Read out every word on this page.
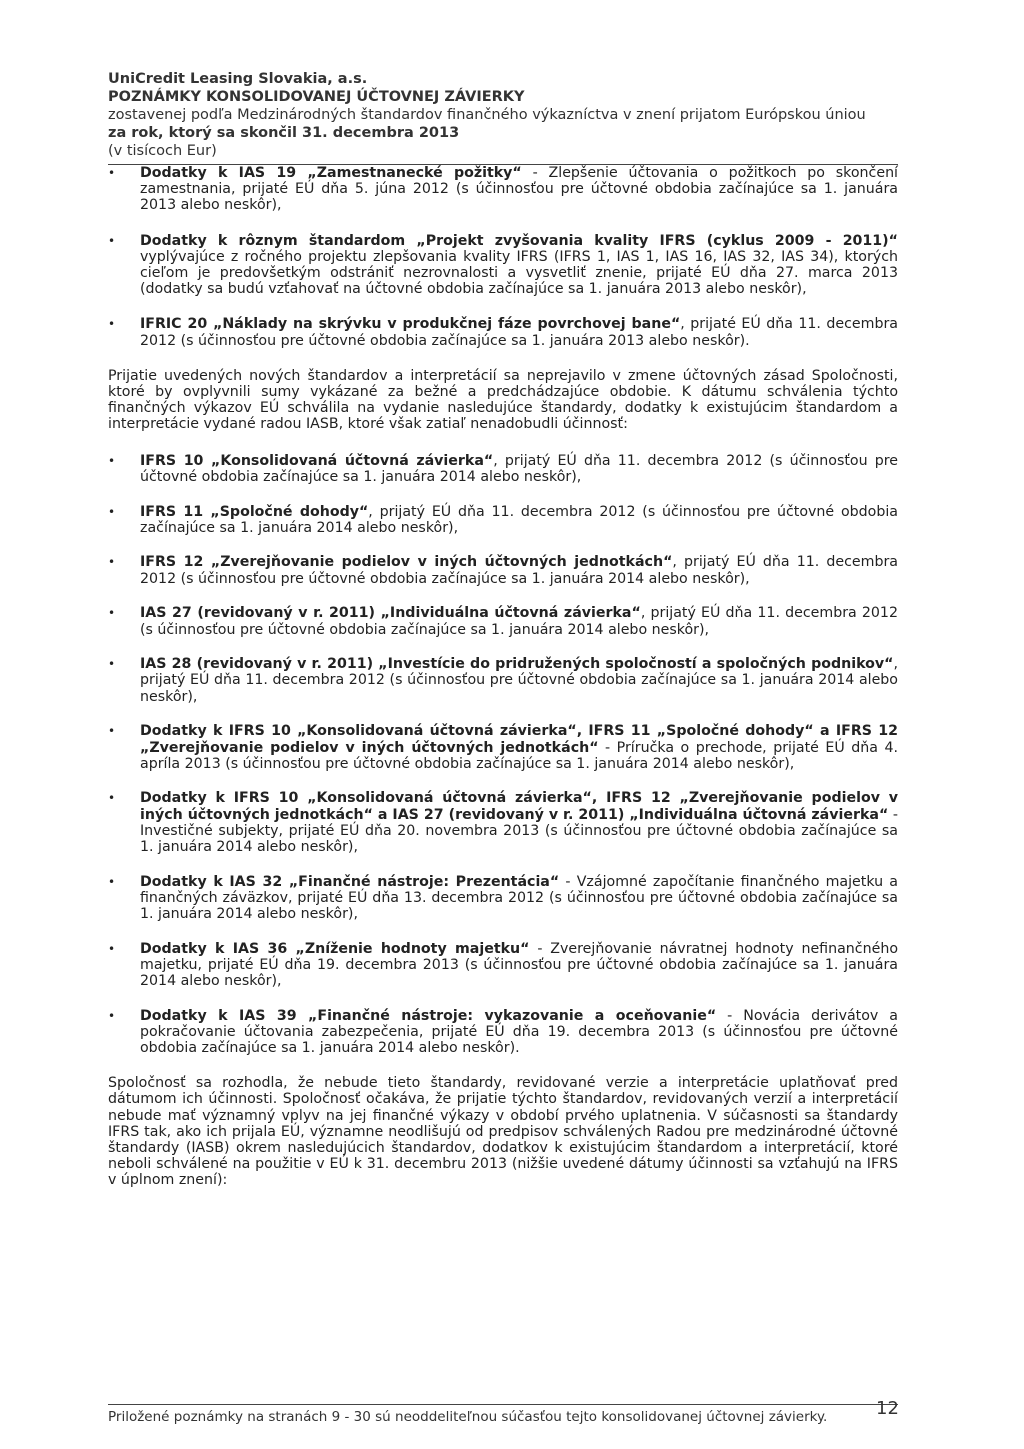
UniCredit Leasing Slovakia, a.s.
POZNÁMKY KONSOLIDOVANEJ ÚČTOVNEJ ZÁVIERKY
zostavenej podľa Medzinárodných štandardov finančného výkazníctva v znení prijatom Európskou úniou
za rok, ktorý sa skončil 31. decembra 2013
(v tisícoch Eur)
• Dodatky k IAS 19 „Zamestnanecké požitky“ - Zlepšenie účtovania o požitkoch po skončení zamestnania, prijaté EÚ dňa 5. júna 2012 (s účinnosťou pre účtovné obdobia začínajúce sa 1. januára 2013 alebo neskôr),
• Dodatky k rôznym štandardom „Projekt zvyšovania kvality IFRS (cyklus 2009 - 2011)“ vyplývajúce z ročného projektu zlepšovania kvality IFRS (IFRS 1, IAS 1, IAS 16, IAS 32, IAS 34), ktorých cieľom je predovšetkým odstrániť nezrovnalosti a vysvetliť znenie, prijaté EÚ dňa 27. marca 2013 (dodatky sa budú vzťahovať na účtovné obdobia začínajúce sa 1. januára 2013 alebo neskôr),
• IFRIC 20 „Náklady na skrývku v produkčnej fáze povrchovej bane“, prijaté EÚ dňa 11. decembra 2012 (s účinnosťou pre účtovné obdobia začínajúce sa 1. januára 2013 alebo neskôr).

Prijatie uvedených nových štandardov a interpretácií sa neprejavilo v zmene účtovných zásad Spoločnosti, ktoré by ovplyvnili sumy vykázané za bežné a predchádzajúce obdobie. K dátumu schválenia týchto finančných výkazov EÚ schválila na vydanie nasledujúce štandardy, dodatky k existujúcim štandardom a interpretácie vydané radou IASB, ktoré však zatiaľ nenadobudli účinnosť:

• IFRS 10 „Konsolidovaná účtovná závierka“, prijatý EÚ dňa 11. decembra 2012 (s účinnosťou pre účtovné obdobia začínajúce sa 1. januára 2014 alebo neskôr),
• IFRS 11 „Spoločné dohody“, prijatý EÚ dňa 11. decembra 2012 (s účinnosťou pre účtovné obdobia začínajúce sa 1. januára 2014 alebo neskôr),
• IFRS 12 „Zverejňovanie podielov v iných účtovných jednotkách“, prijatý EÚ dňa 11. decembra 2012 (s účinnosťou pre účtovné obdobia začínajúce sa 1. januára 2014 alebo neskôr),
• IAS 27 (revidovaný v r. 2011) „Individuálna účtovná závierka“, prijatý EÚ dňa 11. decembra 2012 (s účinnosťou pre účtovné obdobia začínajúce sa 1. januára 2014 alebo neskôr),
• IAS 28 (revidovaný v r. 2011) „Investície do pridružených spoločností a spoločných podnikov“, prijatý EÚ dňa 11. decembra 2012 (s účinnosťou pre účtovné obdobia začínajúce sa 1. januára 2014 alebo neskôr),
• Dodatky k IFRS 10 „Konsolidovaná účtovná závierka“, IFRS 11 „Spoločné dohody“ a IFRS 12 „Zverejňovanie podielov v iných účtovných jednotkách“ - Príručka o prechode, prijaté EÚ dňa 4. apríla 2013 (s účinnosťou pre účtovné obdobia začínajúce sa 1. januára 2014 alebo neskôr),
• Dodatky k IFRS 10 „Konsolidovaná účtovná závierka“, IFRS 12 „Zverejňovanie podielov v iných účtovných jednotkách“ a IAS 27 (revidovaný v r. 2011) „Individuálna účtovná závierka“ - Investičné subjekty, prijaté EÚ dňa 20. novembra 2013 (s účinnosťou pre účtovné obdobia začínajúce sa 1. januára 2014 alebo neskôr),
• Dodatky k IAS 32 „Finančné nástroje: Prezentácia“ - Vzájomné započítanie finančného majetku a finančných záväzkov, prijaté EÚ dňa 13. decembra 2012 (s účinnosťou pre účtovné obdobia začínajúce sa 1. januára 2014 alebo neskôr),
• Dodatky k IAS 36 „Zníženie hodnoty majetku“ - Zverejňovanie návratnej hodnoty nefinančného majetku, prijaté EÚ dňa 19. decembra 2013 (s účinnosťou pre účtovné obdobia začínajúce sa 1. januára 2014 alebo neskôr),
• Dodatky k IAS 39 „Finančné nástroje: vykazovanie a oceňovanie“ - Novácia derivátov a pokračovanie účtovania zabezpečenia, prijaté EÚ dňa 19. decembra 2013 (s účinnosťou pre účtovné obdobia začínajúce sa 1. januára 2014 alebo neskôr).

Spoločnosť sa rozhodla, že nebude tieto štandardy, revidované verzie a interpretácie uplatňovať pred dátumom ich účinnosti. Spoločnosť očakáva, že prijatie týchto štandardov, revidovaných verzií a interpretácií nebude mať významný vplyv na jej finančné výkazy v období prvého uplatnenia. V súčasnosti sa štandardy IFRS tak, ako ich prijala EÚ, významne neodlišujú od predpisov schválených Radou pre medzinárodné účtovné štandardy (IASB) okrem nasledujúcich štandardov, dodatkov k existujúcim štandardom a interpretácií, ktoré neboli schválené na použitie v EÚ k 31. decembru 2013 (nižšie uvedené dátumy účinnosti sa vzťahujú na IFRS v úplnom znení):

Priložené poznámky na stranách 9 - 30 sú neoddeliteľnou súčasťou tejto konsolidovanej účtovnej závierky.	12
